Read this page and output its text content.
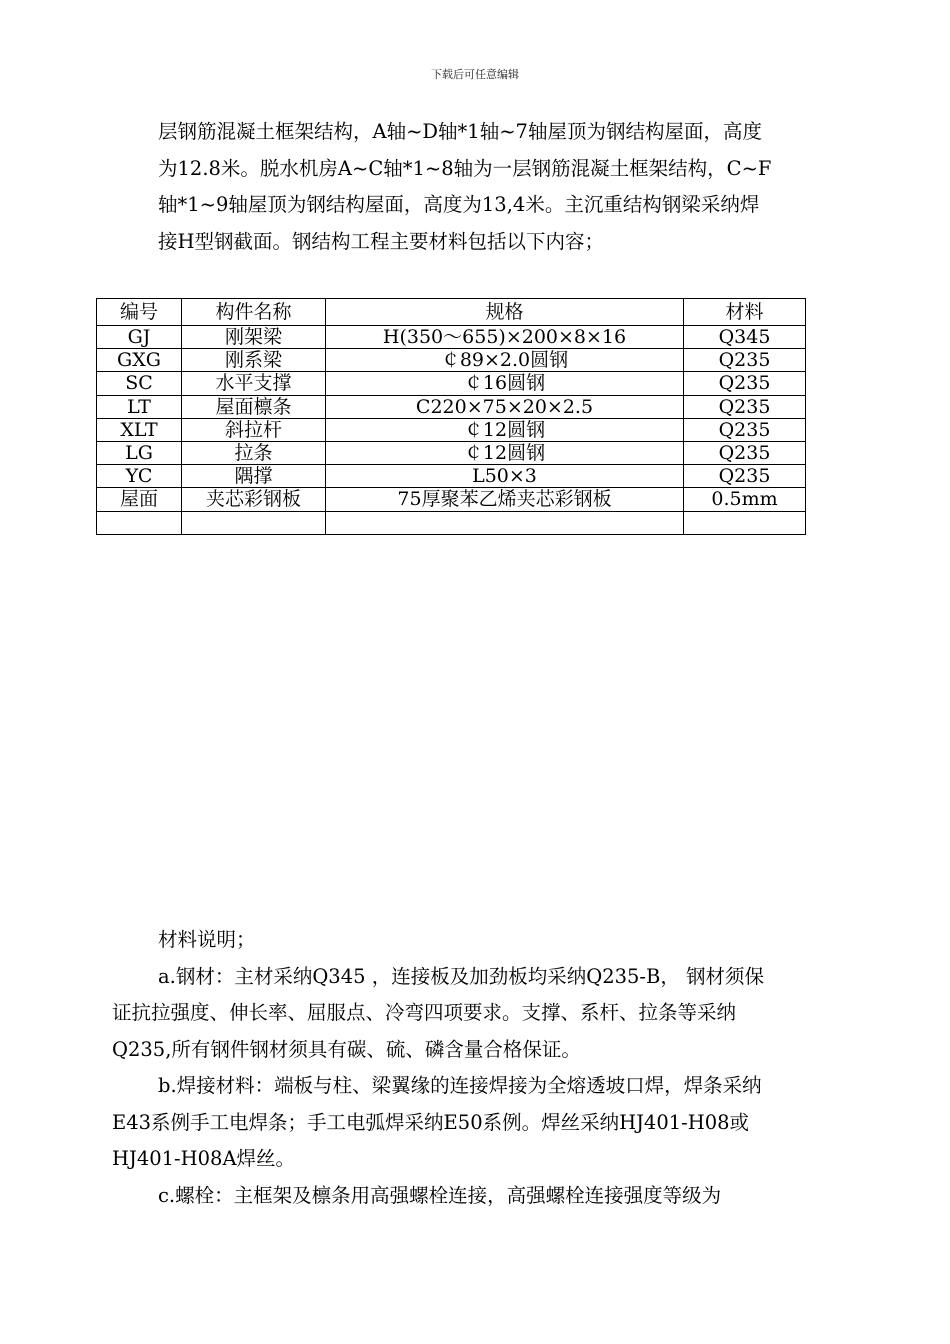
下载后可任意编辑
层钢筋混凝土框架结构，A轴~D轴*1轴~7轴屋顶为钢结构屋面，高度
为12.8米。脱水机房A~C轴*1~8轴为一层钢筋混凝土框架结构，C~F
轴*1~9轴屋顶为钢结构屋面，高度为13,4米。主沉重结构钢梁采纳焊
接H型钢截面。钢结构工程主要材料包括以下内容；
编号	构件名称	规格	材料
GJ	刚架梁	H(350～655)×200×8×16	Q345
GXG	刚系梁	￠89×2.0圆钢	Q235
SC	水平支撑	￠16圆钢	Q235
LT	屋面檩条	C220×75×20×2.5	Q235
XLT	斜拉杆	￠12圆钢	Q235
LG	拉条	￠12圆钢	Q235
YC	隅撑	L50×3	Q235
屋面	夹芯彩钢板	75厚聚苯乙烯夹芯彩钢板	0.5mm

材料说明；
a.钢材：主材采纳Q345 ，连接板及加劲板均采纳Q235-B， 钢材须保
证抗拉强度、伸长率、屈服点、冷弯四项要求。支撑、系杆、拉条等采纳
Q235,所有钢件钢材须具有碳、硫、磷含量合格保证。
b.焊接材料：端板与柱、梁翼缘的连接焊接为全熔透坡口焊，焊条采纳
E43系例手工电焊条；手工电弧焊采纳E50系例。焊丝采纳HJ401-H08或
HJ401-H08A焊丝。
c.螺栓：主框架及檩条用高强螺栓连接，高强螺栓连接强度等级为
